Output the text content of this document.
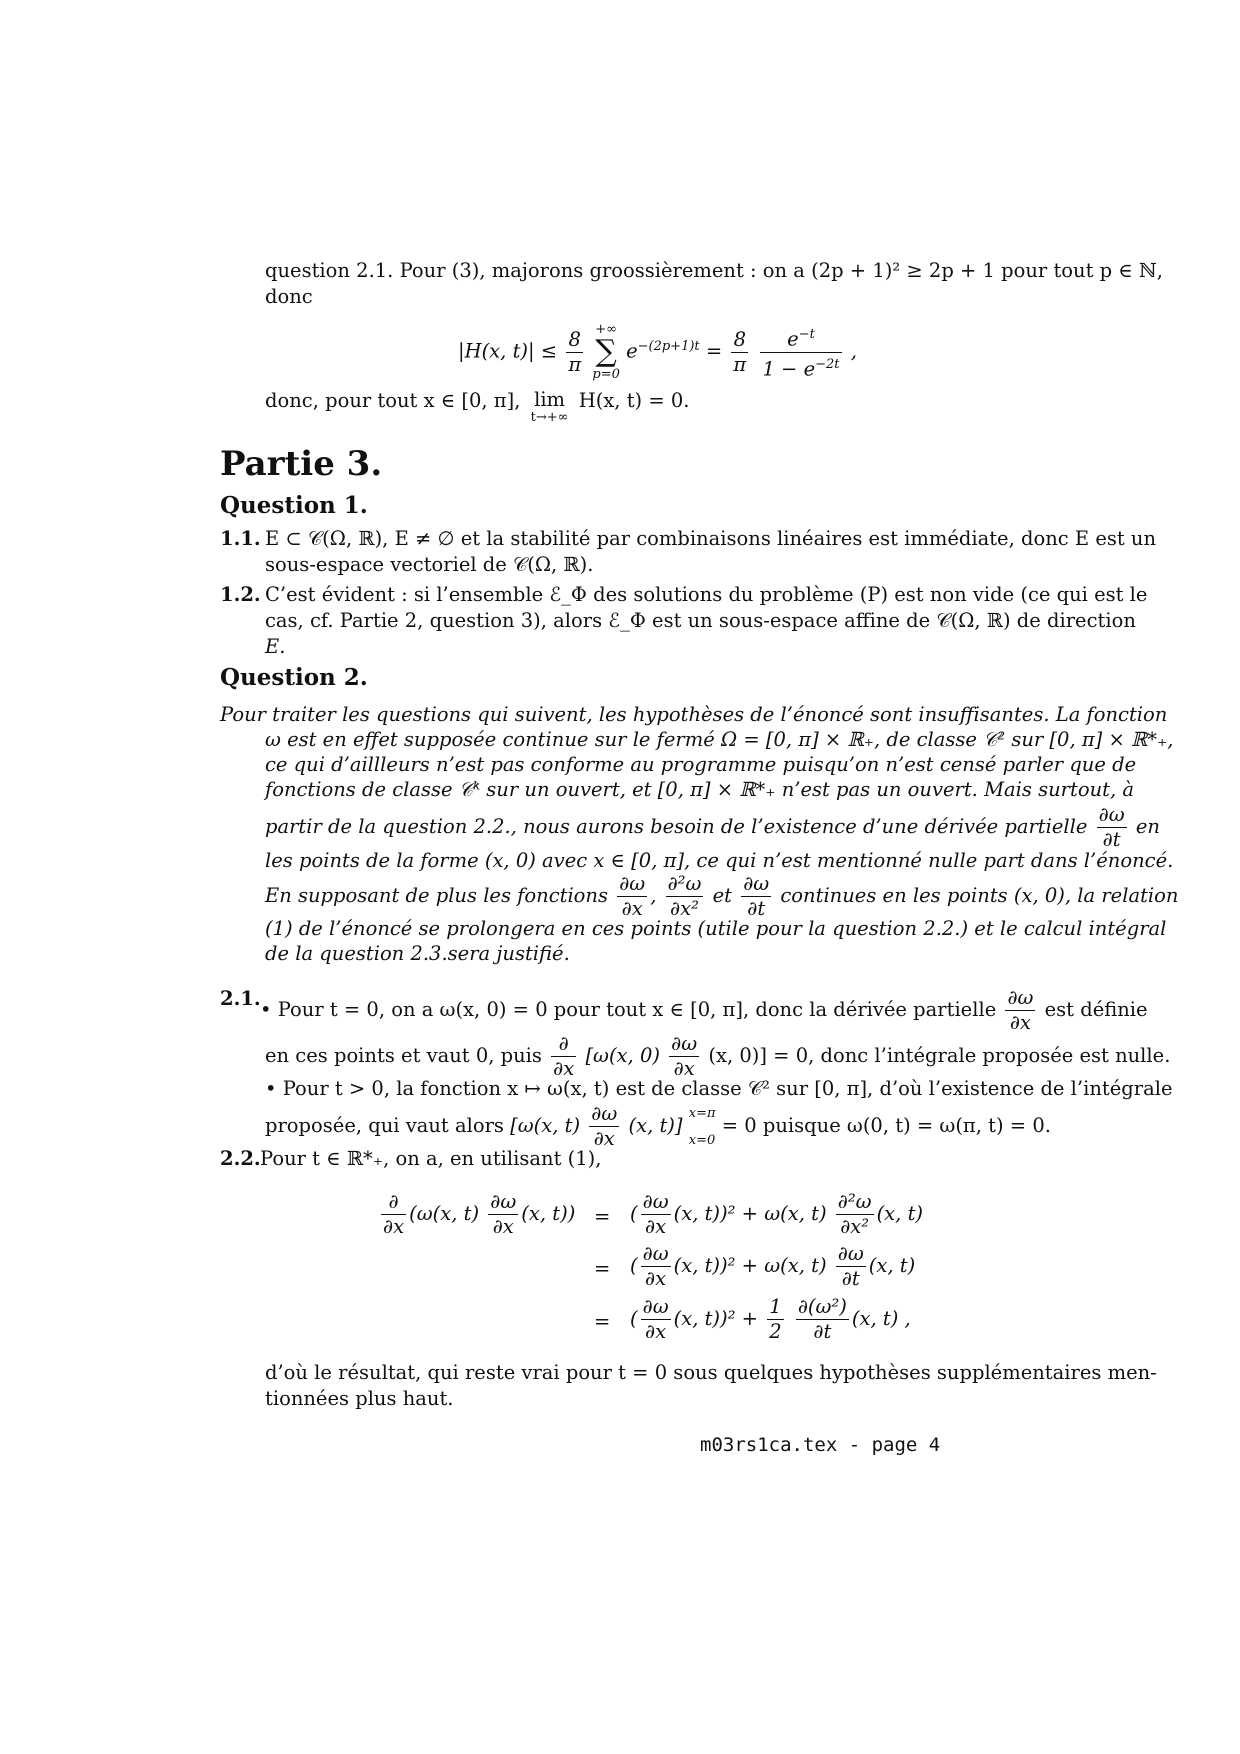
question 2.1. Pour (3), majorons groossièrement : on a (2p + 1)² ≥ 2p + 1 pour tout p ∈ ℕ,
donc
|H(x, $t)| \le \frac{8}{\pi}$
+∞
∑
p=0
$e^{-(2p+1)t} = \frac{8}{\pi}$
$\frac{e^{-t}}{1 - e^{-2t}}$ ,
donc, pour tout x ∈ [0, π], lim
t→+∞
H(x, t) = 0.
Partie 3.
Question 1.
1.1. E ⊂ 𝒞(Ω, ℝ), E ≠ ∅ et la stabilité par combinaisons linéaires est immédiate, donc E est un
sous-espace vectoriel de 𝒞(Ω, ℝ).
1.2. C’est évident : si l’ensemble ℰ_Φ des solutions du problème (P) est non vide (ce qui est le
cas, cf. Partie 2, question 3), alors ℰ_Φ est un sous-espace affine de 𝒞(Ω, ℝ) de direction
E.
Question 2.
Pour traiter les questions qui suivent, les hypothèses de l’énoncé sont insuffisantes. La fonction
ω est en effet supposée continue sur le fermé Ω = [0, π] × ℝ₊, de classe 𝒞² sur [0, π] × ℝ*₊,
ce qui d’aillleurs n’est pas conforme au programme puisqu’on n’est censé parler que de
fonctions de classe 𝒞ᵏ sur un ouvert, et [0, π] × ℝ*₊ n’est pas un ouvert. Mais surtout, à
partir de la question 2.2., nous aurons besoin de l’existence d’une dérivée partielle $\frac{\partial\omega}{\partial t}$ en
les points de la forme (x, 0) avec x ∈ [0, π], ce qui n’est mentionné nulle part dans l’énoncé.
En supposant de plus les fonctions $\frac{\partial\omega}{\partial x}$ , $\frac{\text{∂²ω}}{\text{∂x²}}$ et $\frac{\partial\omega}{\partial t}$ continues en les points (x, 0), la relation
(1) de l’énoncé se prolongera en ces points (utile pour la question 2.2.) et le calcul intégral
de la question 2.3.sera justifié.
2.1. • Pour t = 0, on a ω(x, 0) = 0 pour tout x ∈ [0, π], donc la dérivée partielle $\frac{\partial\omega}{\partial x}$ est définie
en ces points et vaut 0, puis $\frac{\partial}{\partial x} [\omega(x$, $0) \frac{\partial\omega}{\partial x} (x$, 0)] = 0, donc l’intégrale proposée est nulle.
• Pour t > 0, la fonction x ↦ ω(x, t) est de classe 𝒞² sur [0, π], d’où l’existence de l’intégrale
proposée, qui vaut alors [ω(x, $t) \frac{\partial\omega}{\partial x} (x$, t)]
x=π
x=0
= 0 puisque ω(0, t) = ω(π, t) = 0.
2.2. Pour t ∈ ℝ*₊, on a, en utilisant (1),
$\frac{\partial}{\partial x} (\omega(x$, $t) \frac{\partial\omega}{\partial x} (x$, t)) = ( $\frac{\partial\omega}{\partial x} (x$, t))² + ω(x, $t) \frac{\text{∂²ω}}{\text{∂x²}} (x$, t)
= ( $\frac{\partial\omega}{\partial x} (x$, t))² + ω(x, $t) \frac{\partial\omega}{\partial t} (x$, t)
= ( $\frac{\partial\omega}{\partial x} (x$, $t))^2 + \frac{1}{2}$
$\frac{\text{∂(ω²)}}{\partial t} (x$, t) ,
d’où le résultat, qui reste vrai pour t = 0 sous quelques hypothèses supplémentaires men-
tionnées plus haut.
m03rs1ca.tex - page 4
